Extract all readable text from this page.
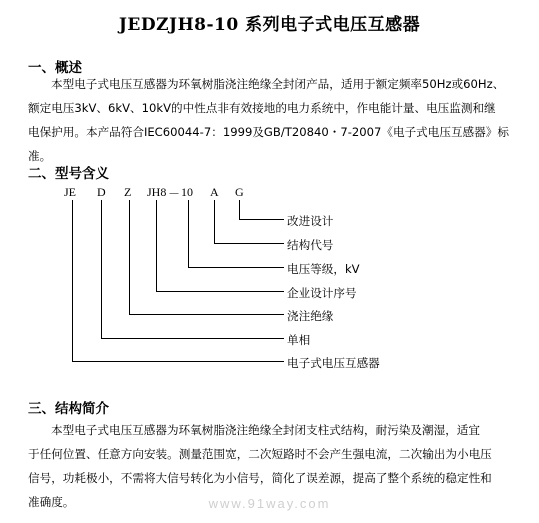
JEDZJH8-10 系列电子式电压互感器
一、概述

本型电子式电压互感器为环氧树脂浇注绝缘全封闭产品，适用于额定频率50Hz或60Hz、

额定电压3kV、6kV、10kV的中性点非有效接地的电力系统中，作电能计量、电压监测和继

电保护用。本产品符合IEC60044-7：1999及GB/T20840・7-2007《电子式电压互感器》标准。

二、型号含义
JE D Z JH8 － 10 A G
改进设计
结构代号
电压等级，kV
企业设计序号
浇注绝缘
单相
电子式电压互感器
三、结构简介

本型电子式电压互感器为环氧树脂浇注绝缘全封闭支柱式结构，耐污染及潮湿，适宜

于任何位置、任意方向安装。测量范围宽，二次短路时不会产生强电流，二次输出为小电压

信号，功耗极小，不需将大信号转化为小信号，简化了误差源，提高了整个系统的稳定性和

准确度。	www.91way.com
